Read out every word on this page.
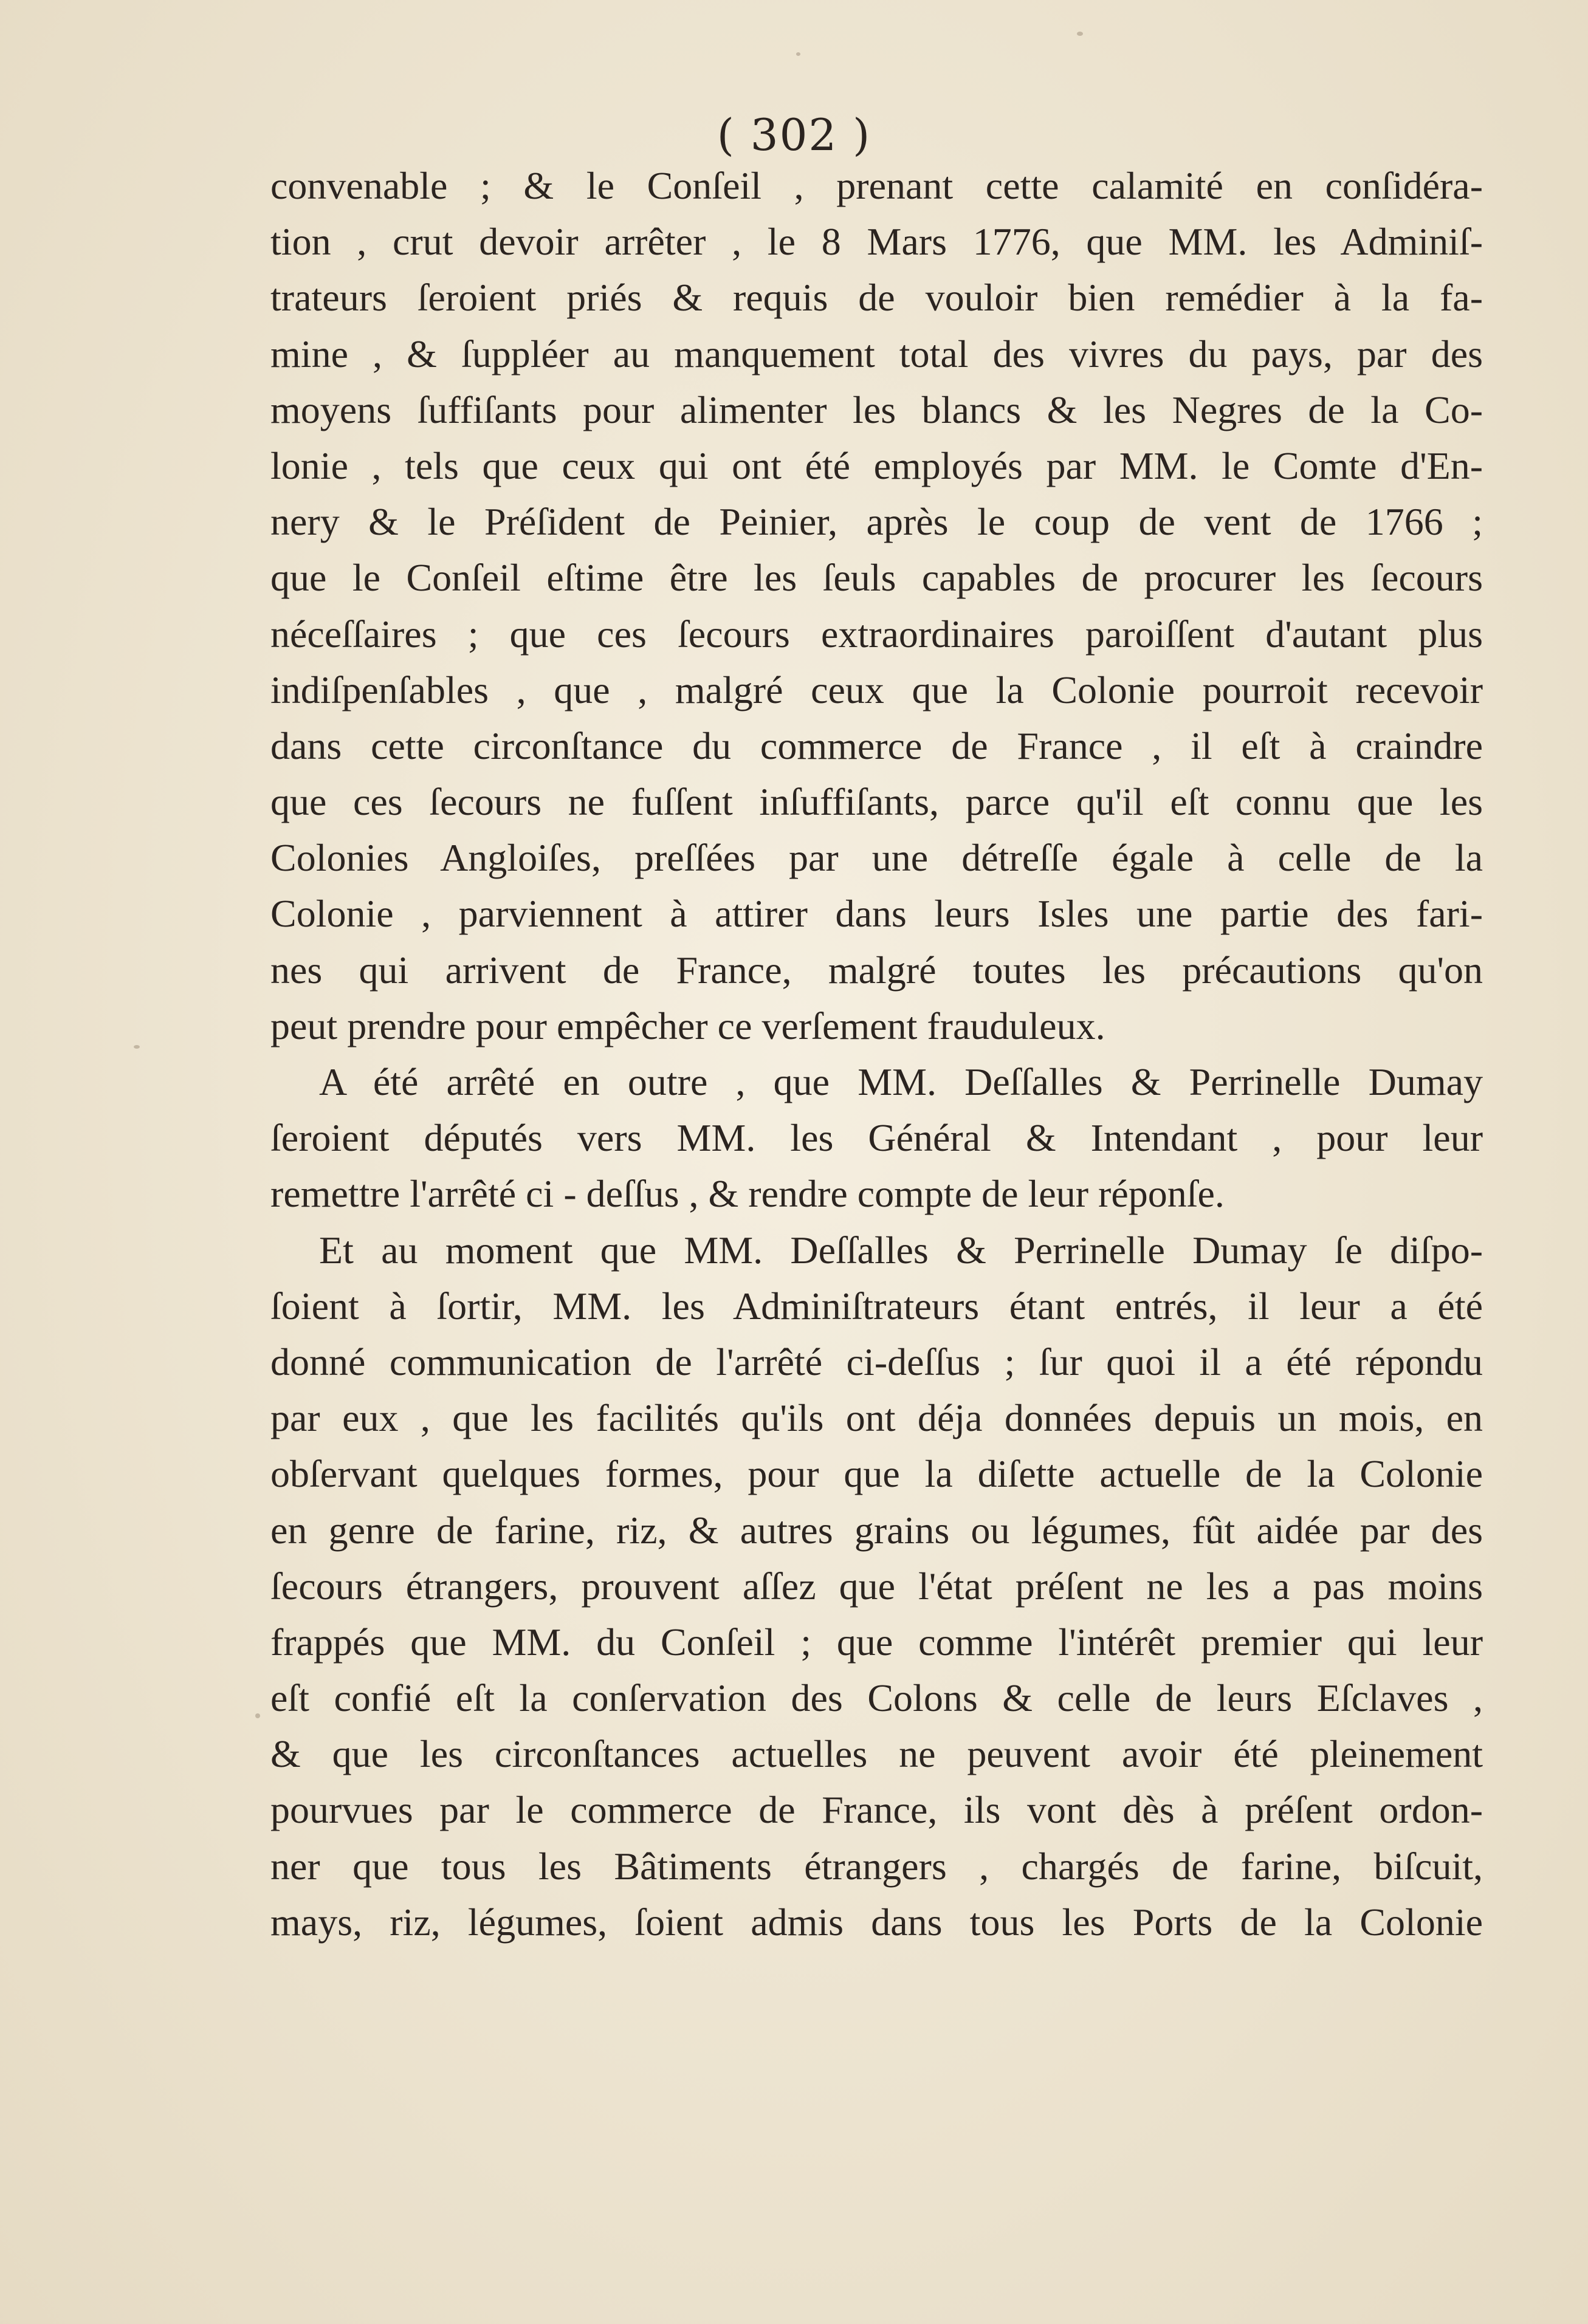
( 302 )
convenable ; & le Conſeil , prenant cette calamité en conſidéra-
tion , crut devoir arrêter , le 8 Mars 1776, que MM. les Adminiſ-
trateurs ſeroient priés & requis de vouloir bien remédier à la fa-
mine , & ſuppléer au manquement total des vivres du pays, par des
moyens ſuffiſants pour alimenter les blancs & les Negres de la Co-
lonie , tels que ceux qui ont été employés par MM. le Comte d'En-
nery & le Préſident de Peinier, après le coup de vent de 1766 ;
que le Conſeil eſtime être les ſeuls capables de procurer les ſecours
néceſſaires ; que ces ſecours extraordinaires paroiſſent d'autant plus
indiſpenſables , que , malgré ceux que la Colonie pourroit recevoir
dans cette circonſtance du commerce de France , il eſt à craindre
que ces ſecours ne fuſſent inſuffiſants, parce qu'il eſt connu que les
Colonies Angloiſes, preſſées par une détreſſe égale à celle de la
Colonie , parviennent à attirer dans leurs Isles une partie des fari-
nes qui arrivent de France, malgré toutes les précautions qu'on
peut prendre pour empêcher ce verſement frauduleux.
A été arrêté en outre , que MM. Deſſalles & Perrinelle Dumay
ſeroient députés vers MM. les Général & Intendant , pour leur
remettre l'arrêté ci - deſſus , & rendre compte de leur réponſe.
Et au moment que MM. Deſſalles & Perrinelle Dumay ſe diſpo-
ſoient à ſortir, MM. les Adminiſtrateurs étant entrés, il leur a été
donné communication de l'arrêté ci-deſſus ; ſur quoi il a été répondu
par eux , que les facilités qu'ils ont déja données depuis un mois, en
obſervant quelques formes, pour que la diſette actuelle de la Colonie
en genre de farine, riz, & autres grains ou légumes, fût aidée par des
ſecours étrangers, prouvent aſſez que l'état préſent ne les a pas moins
frappés que MM. du Conſeil ; que comme l'intérêt premier qui leur
eſt confié eſt la conſervation des Colons & celle de leurs Eſclaves ,
& que les circonſtances actuelles ne peuvent avoir été pleinement
pourvues par le commerce de France, ils vont dès à préſent ordon-
ner que tous les Bâtiments étrangers , chargés de farine, biſcuit,
mays, riz, légumes, ſoient admis dans tous les Ports de la Colonie
